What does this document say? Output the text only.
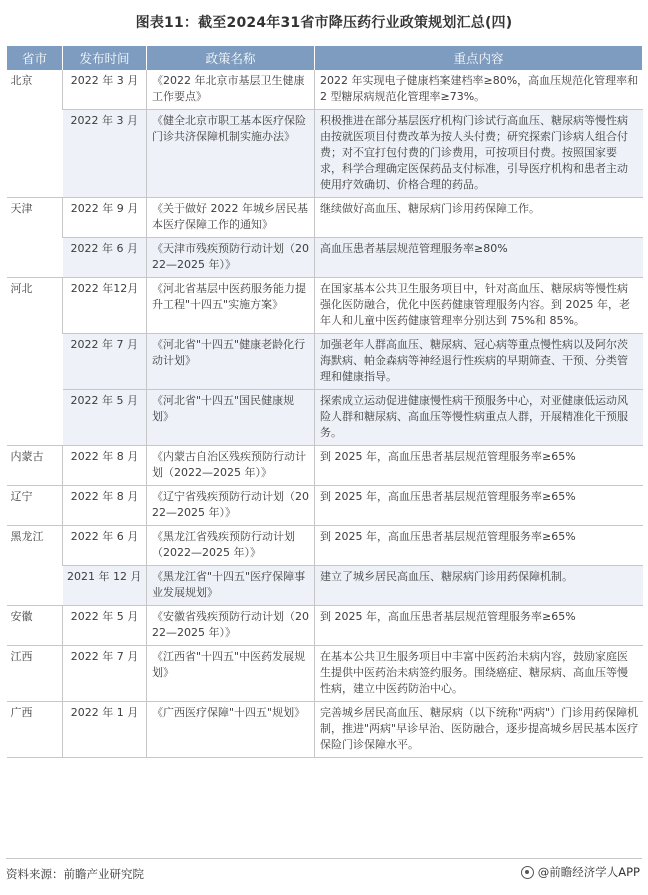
图表11：截至2024年31省市降压药行业政策规划汇总(四)
省市	发布时间	政策名称	重点内容
北京	2022 年 3 月	《2022 年北京市基层卫生健康工作要点》	2022 年实现电子健康档案建档率≥80%，高血压规范化管理率和 2 型糖尿病规范化管理率≥73%。
	2022 年 3 月	《健全北京市职工基本医疗保险门诊共济保障机制实施办法》	积极推进在部分基层医疗机构门诊试行高血压、糖尿病等慢性病由按就医项目付费改革为按人头付费；研究探索门诊病人组合付费；对不宜打包付费的门诊费用，可按项目付费。按照国家要求，科学合理确定医保药品支付标准，引导医疗机构和患者主动使用疗效确切、价格合理的药品。
天津	2022 年 9 月	《关于做好 2022 年城乡居民基本医疗保障工作的通知》	继续做好高血压、糖尿病门诊用药保障工作。
	2022 年 6 月	《天津市残疾预防行动计划（2022—2025 年）》	高血压患者基层规范管理服务率≥80%
河北	2022 年12月	《河北省基层中医药服务能力提升工程"十四五"实施方案》	在国家基本公共卫生服务项目中，针对高血压、糖尿病等慢性病强化医防融合，优化中医药健康管理服务内容。到 2025 年，老年人和儿童中医药健康管理率分别达到 75%和 85%。
	2022 年 7 月	《河北省"十四五"健康老龄化行动计划》	加强老年人群高血压、糖尿病、冠心病等重点慢性病以及阿尔茨海默病、帕金森病等神经退行性疾病的早期筛查、干预、分类管理和健康指导。
	2022 年 5 月	《河北省"十四五"国民健康规划》	探索成立运动促进健康慢性病干预服务中心，对亚健康低运动风险人群和糖尿病、高血压等慢性病重点人群，开展精准化干预服务。
内蒙古	2022 年 8 月	《内蒙古自治区残疾预防行动计划（2022—2025 年）》	到 2025 年，高血压患者基层规范管理服务率≥65%
辽宁	2022 年 8 月	《辽宁省残疾预防行动计划（2022—2025 年）》	到 2025 年，高血压患者基层规范管理服务率≥65%
黑龙江	2022 年 6 月	《黑龙江省残疾预防行动计划（2022—2025 年）》	到 2025 年，高血压患者基层规范管理服务率≥65%
	2021 年 12 月	《黑龙江省"十四五"医疗保障事业发展规划》	建立了城乡居民高血压、糖尿病门诊用药保障机制。
安徽	2022 年 5 月	《安徽省残疾预防行动计划（2022—2025 年）》	到 2025 年，高血压患者基层规范管理服务率≥65%
江西	2022 年 7 月	《江西省"十四五"中医药发展规划》	在基本公共卫生服务项目中丰富中医药治未病内容，鼓励家庭医生提供中医药治未病签约服务。围绕癌症、糖尿病、高血压等慢性病，建立中医药防治中心。
广西	2022 年 1 月	《广西医疗保障"十四五"规划》	完善城乡居民高血压、糖尿病（以下统称"两病"）门诊用药保障机制，推进"两病"早诊早治、医防融合，逐步提高城乡居民基本医疗保险门诊保障水平。
资料来源：前瞻产业研究院	@前瞻经济学人APP
